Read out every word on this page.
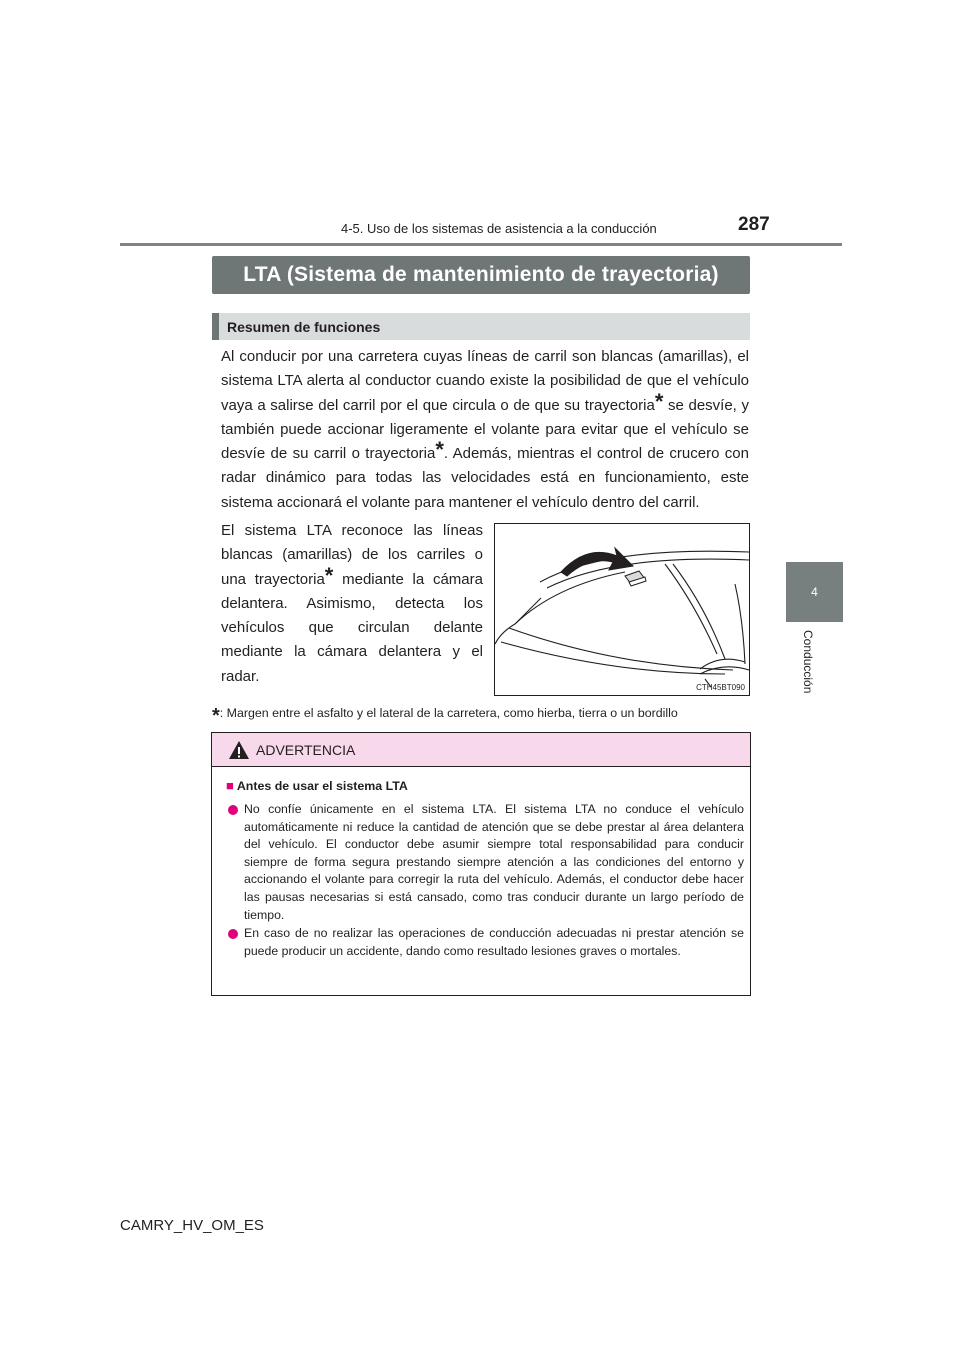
4-5. Uso de los sistemas de asistencia a la conducción	287
4
Conducción
LTA (Sistema de mantenimiento de trayectoria)
Resumen de funciones
Al conducir por una carretera cuyas líneas de carril son blancas (amarillas), el sistema LTA alerta al conductor cuando existe la posibilidad de que el vehículo vaya a salirse del carril por el que circula o de que su trayectoria* se desvíe, y también puede accionar ligeramente el volante para evitar que el vehículo se desvíe de su carril o trayectoria*. Además, mientras el control de crucero con radar dinámico para todas las velocidades está en funcionamiento, este sistema accionará el volante para mantener el vehículo dentro del carril.
El sistema LTA reconoce las líneas blancas (amarillas) de los carriles o una trayectoria* mediante la cámara delantera. Asimismo, detecta los vehículos que circulan delante mediante la cámara delantera y el radar.
CTH45BT090
*: Margen entre el asfalto y el lateral de la carretera, como hierba, tierra o un bordillo
ADVERTENCIA
■ Antes de usar el sistema LTA
No confíe únicamente en el sistema LTA. El sistema LTA no conduce el vehículo automáticamente ni reduce la cantidad de atención que se debe prestar al área delantera del vehículo. El conductor debe asumir siempre total responsabilidad para conducir siempre de forma segura prestando siempre atención a las condiciones del entorno y accionando el volante para corregir la ruta del vehículo. Además, el conductor debe hacer las pausas necesarias si está cansado, como tras conducir durante un largo período de tiempo.
En caso de no realizar las operaciones de conducción adecuadas ni prestar atención se puede producir un accidente, dando como resultado lesiones graves o mortales.
CAMRY_HV_OM_ES
